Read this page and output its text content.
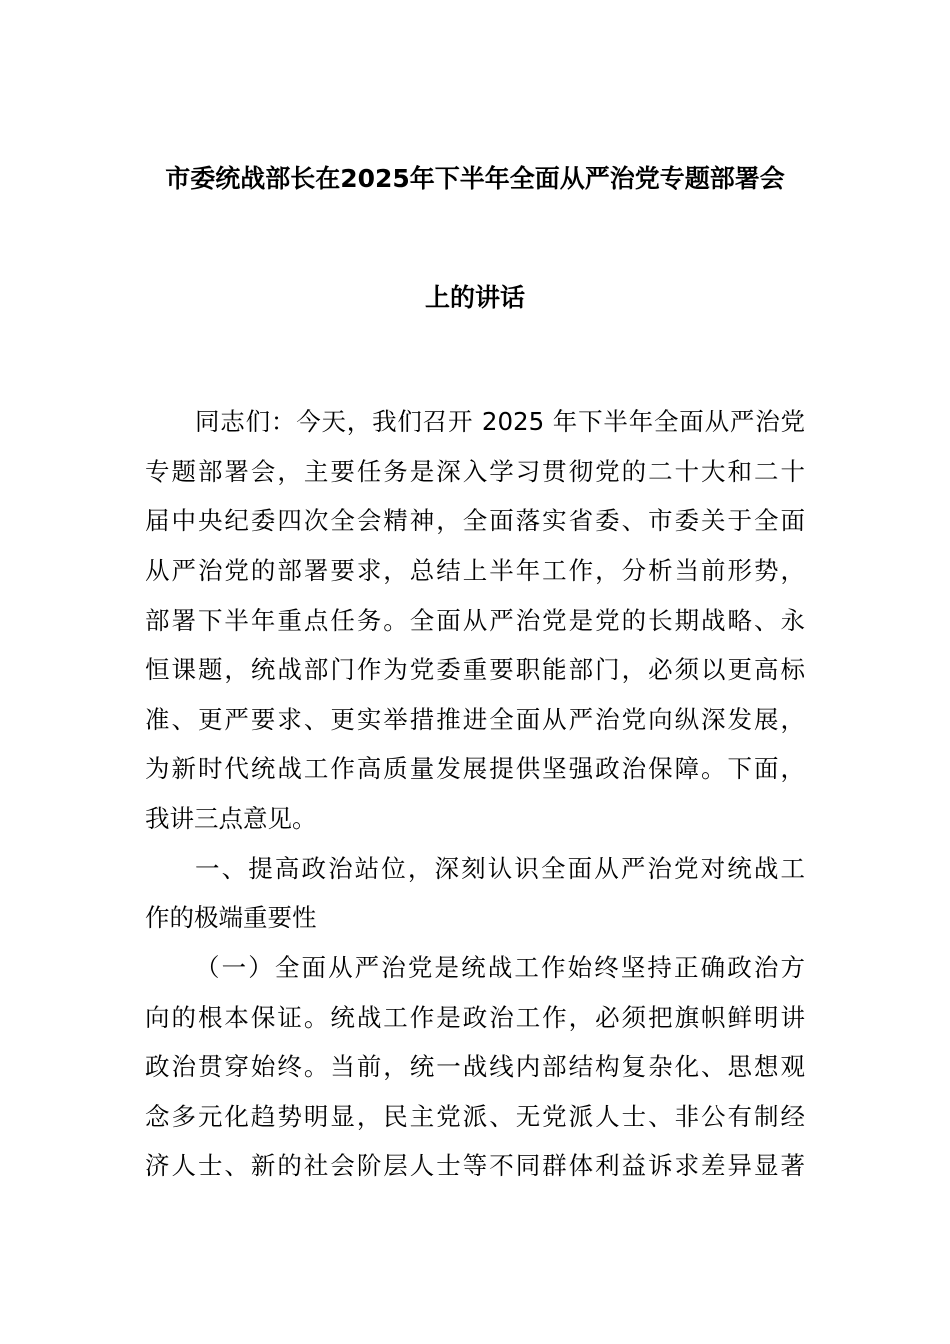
市委统战部长在2025年下半年全面从严治党专题部署会
上的讲话
同志们：今天，我们召开 2025 年下半年全面从严治党
专题部署会，主要任务是深入学习贯彻党的二十大和二十
届中央纪委四次全会精神，全面落实省委、市委关于全面
从严治党的部署要求，总结上半年工作，分析当前形势，
部署下半年重点任务。全面从严治党是党的长期战略、永
恒课题，统战部门作为党委重要职能部门，必须以更高标
准、更严要求、更实举措推进全面从严治党向纵深发展，
为新时代统战工作高质量发展提供坚强政治保障。下面，
我讲三点意见。
一、提高政治站位，深刻认识全面从严治党对统战工
作的极端重要性
（一）全面从严治党是统战工作始终坚持正确政治方
向的根本保证。统战工作是政治工作，必须把旗帜鲜明讲
政治贯穿始终。当前，统一战线内部结构复杂化、思想观
念多元化趋势明显，民主党派、无党派人士、非公有制经
济人士、新的社会阶层人士等不同群体利益诉求差异显著
